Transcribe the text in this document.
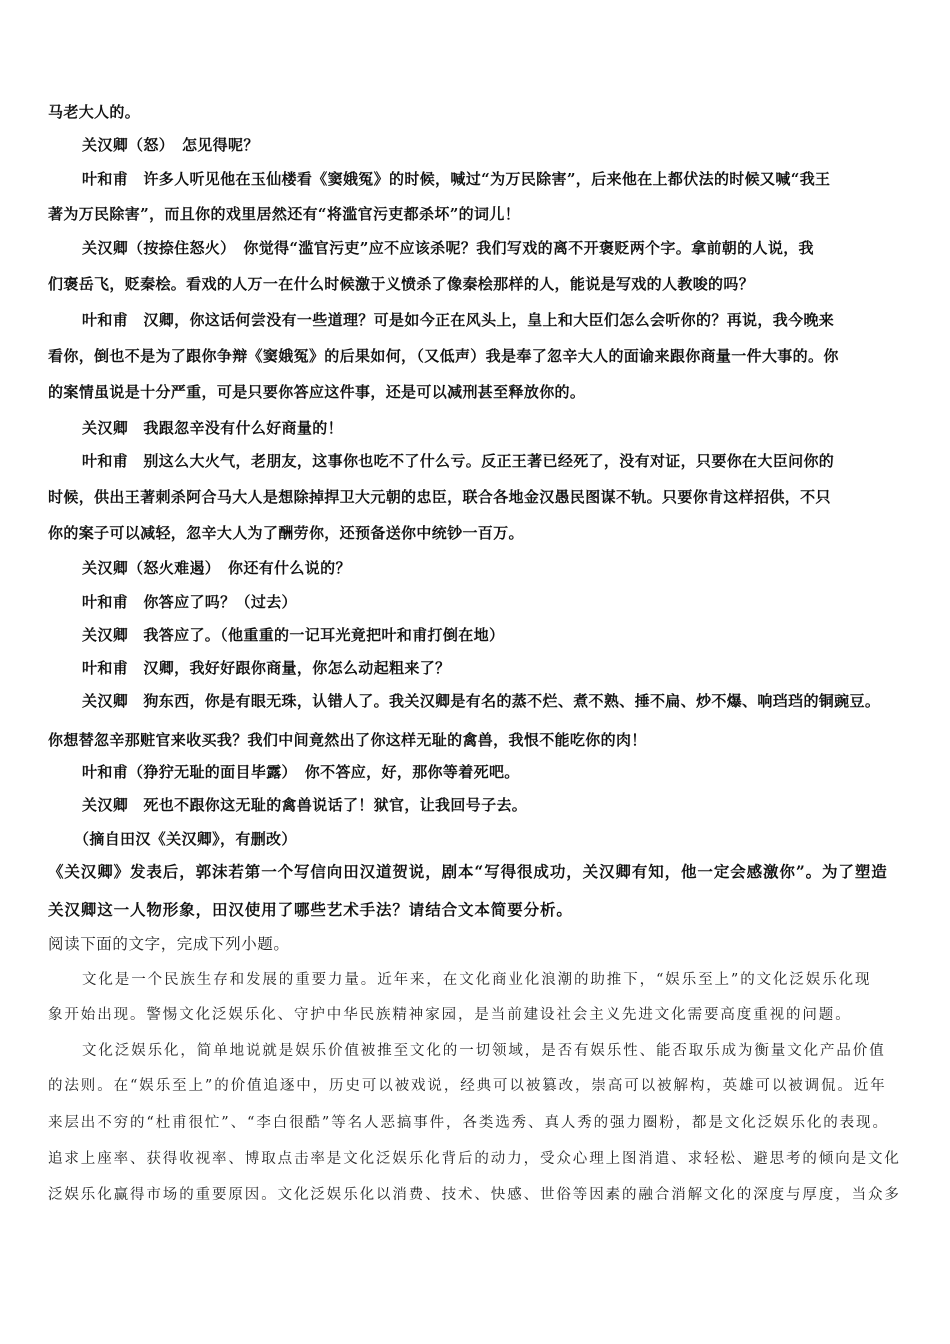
马老大人的。
关汉卿（怒）　怎见得呢？
叶和甫　许多人听见他在玉仙楼看《窦娥冤》的时候，喊过“为万民除害”，后来他在上都伏法的时候又喊“我王
著为万民除害”，而且你的戏里居然还有“将滥官污吏都杀坏”的词儿！
关汉卿（按捺住怒火）　你觉得“滥官污吏”应不应该杀呢？我们写戏的离不开褒贬两个字。拿前朝的人说，我
们褒岳飞，贬秦桧。看戏的人万一在什么时候激于义愤杀了像秦桧那样的人，能说是写戏的人教唆的吗？
叶和甫　汉卿，你这话何尝没有一些道理？可是如今正在风头上，皇上和大臣们怎么会听你的？再说，我今晚来
看你，倒也不是为了跟你争辩《窦娥冤》的后果如何，（又低声）我是奉了忽辛大人的面谕来跟你商量一件大事的。你
的案情虽说是十分严重，可是只要你答应这件事，还是可以减刑甚至释放你的。
关汉卿　我跟忽辛没有什么好商量的！
叶和甫　别这么大火气，老朋友，这事你也吃不了什么亏。反正王著已经死了，没有对证，只要你在大臣问你的
时候，供出王著刺杀阿合马大人是想除掉捍卫大元朝的忠臣，联合各地金汉愚民图谋不轨。只要你肯这样招供，不只
你的案子可以减轻，忽辛大人为了酬劳你，还预备送你中统钞一百万。
关汉卿（怒火难遏）　你还有什么说的？
叶和甫　你答应了吗？（过去）
关汉卿　我答应了。（他重重的一记耳光竟把叶和甫打倒在地）
叶和甫　汉卿，我好好跟你商量，你怎么动起粗来了？
关汉卿　狗东西，你是有眼无珠，认错人了。我关汉卿是有名的蒸不烂、煮不熟、捶不扁、炒不爆、响珰珰的铜豌豆。
你想替忽辛那赃官来收买我？我们中间竟然出了你这样无耻的禽兽，我恨不能吃你的肉！
叶和甫（狰狞无耻的面目毕露）　你不答应，好，那你等着死吧。
关汉卿　死也不跟你这无耻的禽兽说话了！狱官，让我回号子去。
（摘自田汉《关汉卿》，有删改）
《关汉卿》发表后，郭沫若第一个写信向田汉道贺说，剧本“写得很成功，关汉卿有知，他一定会感激你”。为了塑造
关汉卿这一人物形象，田汉使用了哪些艺术手法？请结合文本简要分析。
阅读下面的文字，完成下列小题。
文化是一个民族生存和发展的重要力量。近年来，在文化商业化浪潮的助推下，“娱乐至上”的文化泛娱乐化现
象开始出现。警惕文化泛娱乐化、守护中华民族精神家园，是当前建设社会主义先进文化需要高度重视的问题。
文化泛娱乐化，简单地说就是娱乐价值被推至文化的一切领域，是否有娱乐性、能否取乐成为衡量文化产品价值
的法则。在“娱乐至上”的价值追逐中，历史可以被戏说，经典可以被篡改，崇高可以被解构，英雄可以被调侃。近年
来层出不穷的“杜甫很忙”、“李白很酷”等名人恶搞事件，各类选秀、真人秀的强力圈粉，都是文化泛娱乐化的表现。
追求上座率、获得收视率、博取点击率是文化泛娱乐化背后的动力，受众心理上图消遣、求轻松、避思考的倾向是文化
泛娱乐化赢得市场的重要原因。文化泛娱乐化以消费、技术、快感、世俗等因素的融合消解文化的深度与厚度，当众多
